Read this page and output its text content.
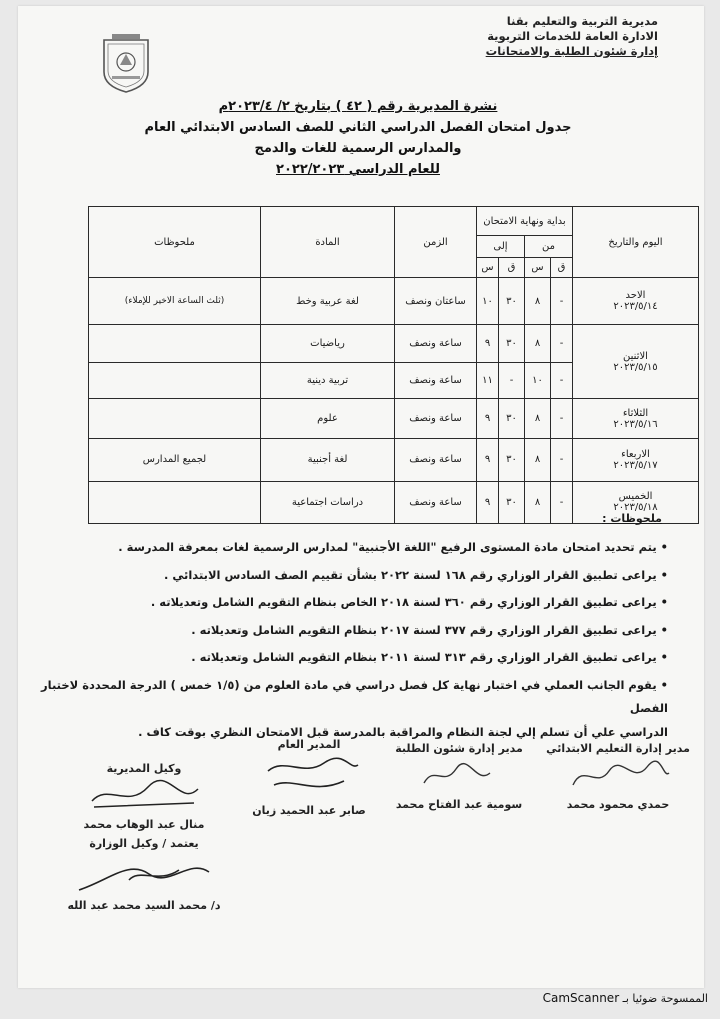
مديرية التربية والتعليم بقنا
الادارة العامة للخدمات التربوية
إدارة شئون الطلبة والامتحانات
نشرة المديرية رقم ( ٤٢ ) بتاريخ ٢/ ٢٠٢٣/٤م
جدول امتحان الفصل الدراسي الثاني للصف السادس الابتدائي العام
والمدارس الرسمية للغات والدمج
للعام الدراسي ٢٠٢٢/٢٠٢٣
اليوم والتاريخ	بداية ونهاية الامتحان				الزمن	المادة	ملحوظات
	من		إلى				
	ق	س	ق	س			

الاحد
٢٠٢٣/٥/١٤	-	٨	٣٠	١٠	ساعتان ونصف	لغة عربية وخط	(ثلث الساعة الاخير للإملاء)

الاثنين
٢٠٢٣/٥/١٥	-	٨	٣٠	٩	ساعة ونصف	رياضيات	
	-	١٠	-	١١	ساعة ونصف	تربية دينية	

الثلاثاء
٢٠٢٣/٥/١٦	-	٨	٣٠	٩	ساعة ونصف	علوم	

الاربعاء
٢٠٢٣/٥/١٧	-	٨	٣٠	٩	ساعة ونصف	لغة أجنبية	لجميع المدارس

الخميس
٢٠٢٣/٥/١٨	-	٨	٣٠	٩	ساعة ونصف	دراسات اجتماعية	
ملحوظات :

• يتم تحديد امتحان مادة المستوى الرفيع "اللغة الأجنبية" لمدارس الرسمية لغات بمعرفة المدرسة .

• يراعى تطبيق القرار الوزاري رقم ١٦٨ لسنة ٢٠٢٢ بشأن تقييم الصف السادس الابتدائي .

• يراعى تطبيق القرار الوزاري رقم ٣٦٠ لسنة ٢٠١٨ الخاص بنظام التقويم الشامل وتعديلاته .

• يراعى تطبيق القرار الوزاري رقم ٣٧٧ لسنة ٢٠١٧ بنظام التقويم الشامل وتعديلاته .

• يراعى تطبيق القرار الوزاري رقم ٣١٣ لسنة ٢٠١١ بنظام التقويم الشامل وتعديلاته .

• يقوم الجانب العملي في اختبار نهاية كل فصل دراسي في مادة العلوم من (١/٥ خمس ) الدرجة المحددة لاختبار الفصل

الدراسي علي أن تسلم إلي لجنة النظام والمراقبة بالمدرسة قبل الامتحان النظري بوقت كاف .

مدير إدارة التعليم الابتدائي
حمدي محمود محمد
مدير إدارة شئون الطلبة
سومية عبد الفتاح محمد
المدير العام
صابر عبد الحميد زيان
وكيل المديرية
منال عبد الوهاب محمد
يعتمد / وكيل الوزارة
د/ محمد السيد محمد عبد الله
الممسوحة ضوئيا بـ CamScanner
